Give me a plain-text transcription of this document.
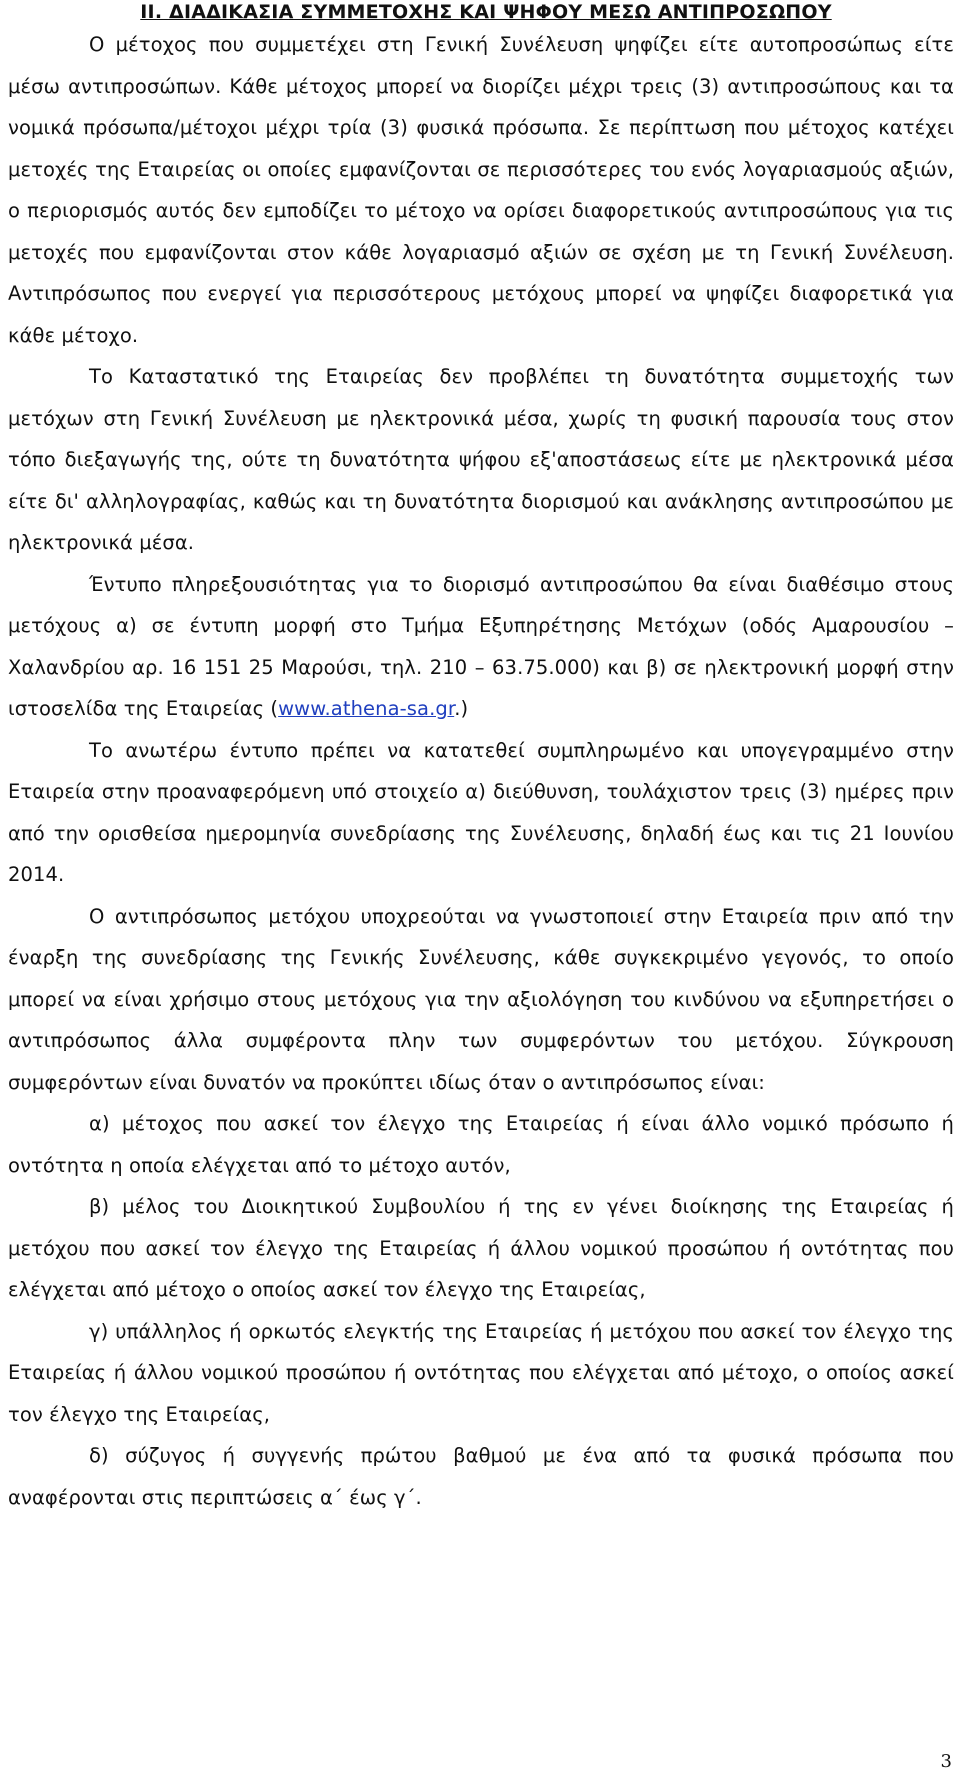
II. ΔΙΑΔΙΚΑΣΙΑ ΣΥΜΜΕΤΟΧΗΣ ΚΑΙ ΨΗΦΟΥ ΜΕΣΩ ΑΝΤΙΠΡΟΣΩΠΟΥ

Ο μέτοχος που συμμετέχει στη Γενική Συνέλευση ψηφίζει είτε αυτοπροσώπως είτε μέσω αντιπροσώπων. Κάθε μέτοχος μπορεί να διορίζει μέχρι τρεις (3) αντιπροσώπους και τα νομικά πρόσωπα/μέτοχοι μέχρι τρία (3) φυσικά πρόσωπα. Σε περίπτωση που μέτοχος κατέχει μετοχές της Εταιρείας οι οποίες εμφανίζονται σε περισσότερες του ενός λογαριασμούς αξιών, ο περιορισμός αυτός δεν εμποδίζει το μέτοχο να ορίσει διαφορετικούς αντιπροσώπους για τις μετοχές που εμφανίζονται στον κάθε λογαριασμό αξιών σε σχέση με τη Γενική Συνέλευση. Αντιπρόσωπος που ενεργεί για περισσότερους μετόχους μπορεί να ψηφίζει διαφορετικά για κάθε μέτοχο.

Το Καταστατικό της Εταιρείας δεν προβλέπει τη δυνατότητα συμμετοχής των μετόχων στη Γενική Συνέλευση με ηλεκτρονικά μέσα, χωρίς τη φυσική παρουσία τους στον τόπο διεξαγωγής της, ούτε τη δυνατότητα ψήφου εξ'αποστάσεως είτε με ηλεκτρονικά μέσα είτε δι' αλληλογραφίας, καθώς και τη δυνατότητα διορισμού και ανάκλησης αντιπροσώπου με ηλεκτρονικά μέσα.

Έντυπο πληρεξουσιότητας για το διορισμό αντιπροσώπου θα είναι διαθέσιμο στους μετόχους α) σε έντυπη μορφή στο Τμήμα Εξυπηρέτησης Μετόχων (οδός Αμαρουσίου – Χαλανδρίου αρ. 16 151 25 Μαρούσι, τηλ. 210 – 63.75.000) και β) σε ηλεκτρονική μορφή στην ιστοσελίδα της Εταιρείας (www.athena-sa.gr.)

Το ανωτέρω έντυπο πρέπει να κατατεθεί συμπληρωμένο και υπογεγραμμένο στην Εταιρεία στην προαναφερόμενη υπό στοιχείο α) διεύθυνση, τουλάχιστον τρεις (3) ημέρες πριν από την ορισθείσα ημερομηνία συνεδρίασης της Συνέλευσης, δηλαδή έως και τις 21 Ιουνίου 2014.

Ο αντιπρόσωπος μετόχου υποχρεούται να γνωστοποιεί στην Εταιρεία πριν από την έναρξη της συνεδρίασης της Γενικής Συνέλευσης, κάθε συγκεκριμένο γεγονός, το οποίο μπορεί να είναι χρήσιμο στους μετόχους για την αξιολόγηση του κινδύνου να εξυπηρετήσει ο αντιπρόσωπος άλλα συμφέροντα πλην των συμφερόντων του μετόχου. Σύγκρουση συμφερόντων είναι δυνατόν να προκύπτει ιδίως όταν ο αντιπρόσωπος είναι:

α) μέτοχος που ασκεί τον έλεγχο της Εταιρείας ή είναι άλλο νομικό πρόσωπο ή οντότητα η οποία ελέγχεται από το μέτοχο αυτόν,

β) μέλος του Διοικητικού Συμβουλίου ή της εν γένει διοίκησης της Εταιρείας ή μετόχου που ασκεί τον έλεγχο της Εταιρείας ή άλλου νομικού προσώπου ή οντότητας που ελέγχεται από μέτοχο ο οποίος ασκεί τον έλεγχο της Εταιρείας,

γ) υπάλληλος ή ορκωτός ελεγκτής της Εταιρείας ή μετόχου που ασκεί τον έλεγχο της Εταιρείας ή άλλου νομικού προσώπου ή οντότητας που ελέγχεται από μέτοχο, ο οποίος ασκεί τον έλεγχο της Εταιρείας,

δ) σύζυγος ή συγγενής πρώτου βαθμού με ένα από τα φυσικά πρόσωπα που αναφέρονται στις περιπτώσεις α΄ έως γ΄.

3
